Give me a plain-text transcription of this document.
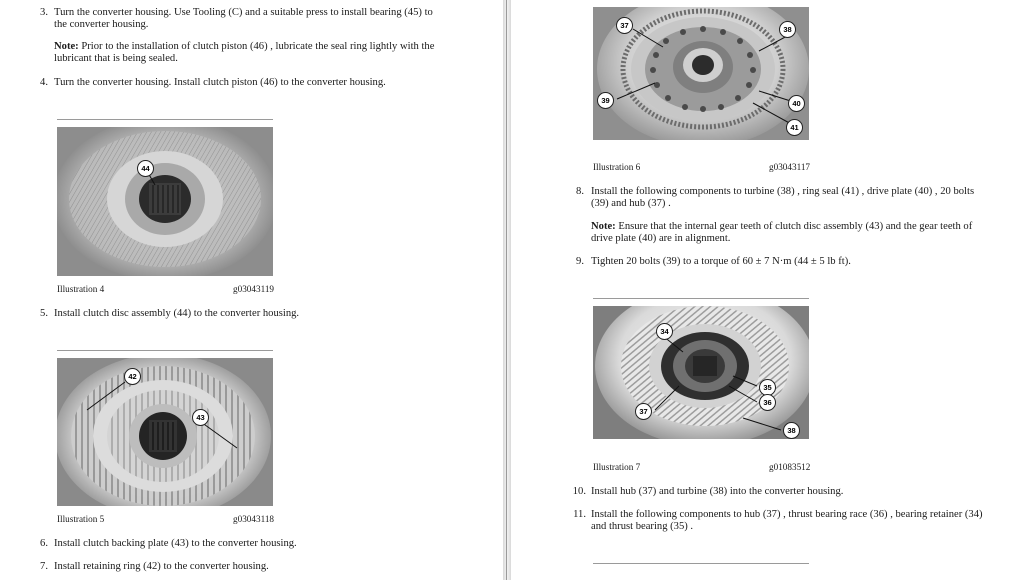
3. Turn the converter housing. Use Tooling (C) and a suitable press to install bearing (45) to
the converter housing.
Note: Prior to the installation of clutch piston (46) , lubricate the seal ring lightly with the
lubricant that is being sealed.
4. Turn the converter housing. Install clutch piston (46) to the converter housing.
44
Illustration 4	g03043119
5. Install clutch disc assembly (44) to the converter housing.
42
43
Illustration 5	g03043118
6. Install clutch backing plate (43) to the converter housing.
7. Install retaining ring (42) to the converter housing.
37	38
39	40
41
Illustration 6	g03043117
8. Install the following components to turbine (38) , ring seal (41) , drive plate (40) , 20 bolts
(39) and hub (37) .
Note: Ensure that the internal gear teeth of clutch disc assembly (43) and the gear teeth of
drive plate (40) are in alignment.
9. Tighten 20 bolts (39) to a torque of 60 ± 7 N·m (44 ± 5 lb ft).
34
35
36
37
38
Illustration 7	g01083512
10. Install hub (37) and turbine (38) into the converter housing.
11. Install the following components to hub (37) , thrust bearing race (36) , bearing retainer (34)
and thrust bearing (35) .
